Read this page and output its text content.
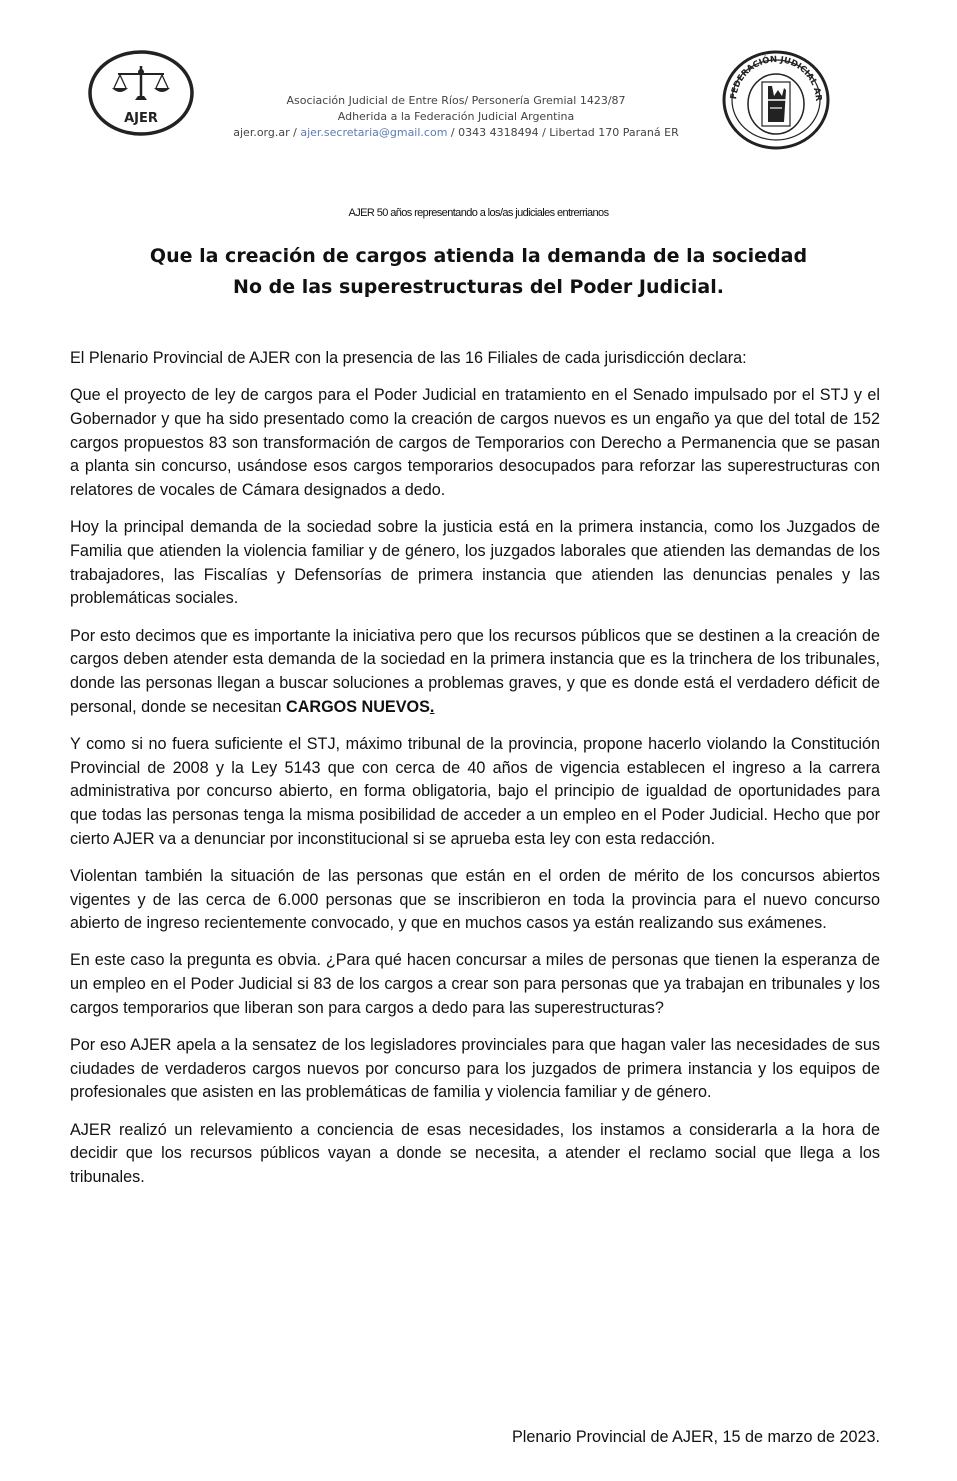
AJER
Asociación Judicial de Entre Ríos/ Personería Gremial 1423/87
Adherida a la Federación Judicial Argentina
ajer.org.ar / ajer.secretaria@gmail.com / 0343 4318494 / Libertad 170 Paraná ER
FEDERACIÓN JUDICIAL AR
AJER 50 años representando a los/as judiciales entrerrianos
Que la creación de cargos atienda la demanda de la sociedad
No de las superestructuras del Poder Judicial.

El Plenario Provincial de AJER con la presencia de las 16 Filiales de cada jurisdicción declara:

Que el proyecto de ley de cargos para el Poder Judicial en tratamiento en el Senado impulsado por el STJ y el Gobernador y que ha sido presentado como la creación de cargos nuevos es un engaño ya que del total de 152 cargos propuestos 83 son transformación de cargos de Temporarios con Derecho a Permanencia que se pasan a planta sin concurso, usándose esos cargos temporarios desocupados para reforzar las superestructuras con relatores de vocales de Cámara designados a dedo.

Hoy la principal demanda de la sociedad sobre la justicia está en la primera instancia, como los Juzgados de Familia que atienden la violencia familiar y de género, los juzgados laborales que atienden las demandas de los trabajadores, las Fiscalías y Defensorías de primera instancia que atienden las denuncias penales y las problemáticas sociales.

Por esto decimos que es importante la iniciativa pero que los recursos públicos que se destinen a la creación de cargos deben atender esta demanda de la sociedad en la primera instancia que es la trinchera de los tribunales, donde las personas llegan a buscar soluciones a problemas graves, y que es donde está el verdadero déficit de personal, donde se necesitan CARGOS NUEVOS.

Y como si no fuera suficiente el STJ, máximo tribunal de la provincia, propone hacerlo violando la Constitución Provincial de 2008 y la Ley 5143 que con cerca de 40 años de vigencia establecen el ingreso a la carrera administrativa por concurso abierto, en forma obligatoria, bajo el principio de igualdad de oportunidades para que todas las personas tenga la misma posibilidad de acceder a un empleo en el Poder Judicial. Hecho que por cierto AJER va a denunciar por inconstitucional si se aprueba esta ley con esta redacción.

Violentan también la situación de las personas que están en el orden de mérito de los concursos abiertos vigentes y de las cerca de 6.000 personas que se inscribieron en toda la provincia para el nuevo concurso abierto de ingreso recientemente convocado, y que en muchos casos ya están realizando sus exámenes.

En este caso la pregunta es obvia. ¿Para qué hacen concursar a miles de personas que tienen la esperanza de un empleo en el Poder Judicial si 83 de los cargos a crear son para personas que ya trabajan en tribunales y los cargos temporarios que liberan son para cargos a dedo para las superestructuras?

Por eso AJER apela a la sensatez de los legisladores provinciales para que hagan valer las necesidades de sus ciudades de verdaderos cargos nuevos por concurso para los juzgados de primera instancia y los equipos de profesionales que asisten en las problemáticas de familia y violencia familiar y de género.

AJER realizó un relevamiento a conciencia de esas necesidades, los instamos a considerarla a la hora de decidir que los recursos públicos vayan a donde se necesita, a atender el reclamo social que llega a los tribunales.

Plenario Provincial de AJER, 15 de marzo de 2023.
